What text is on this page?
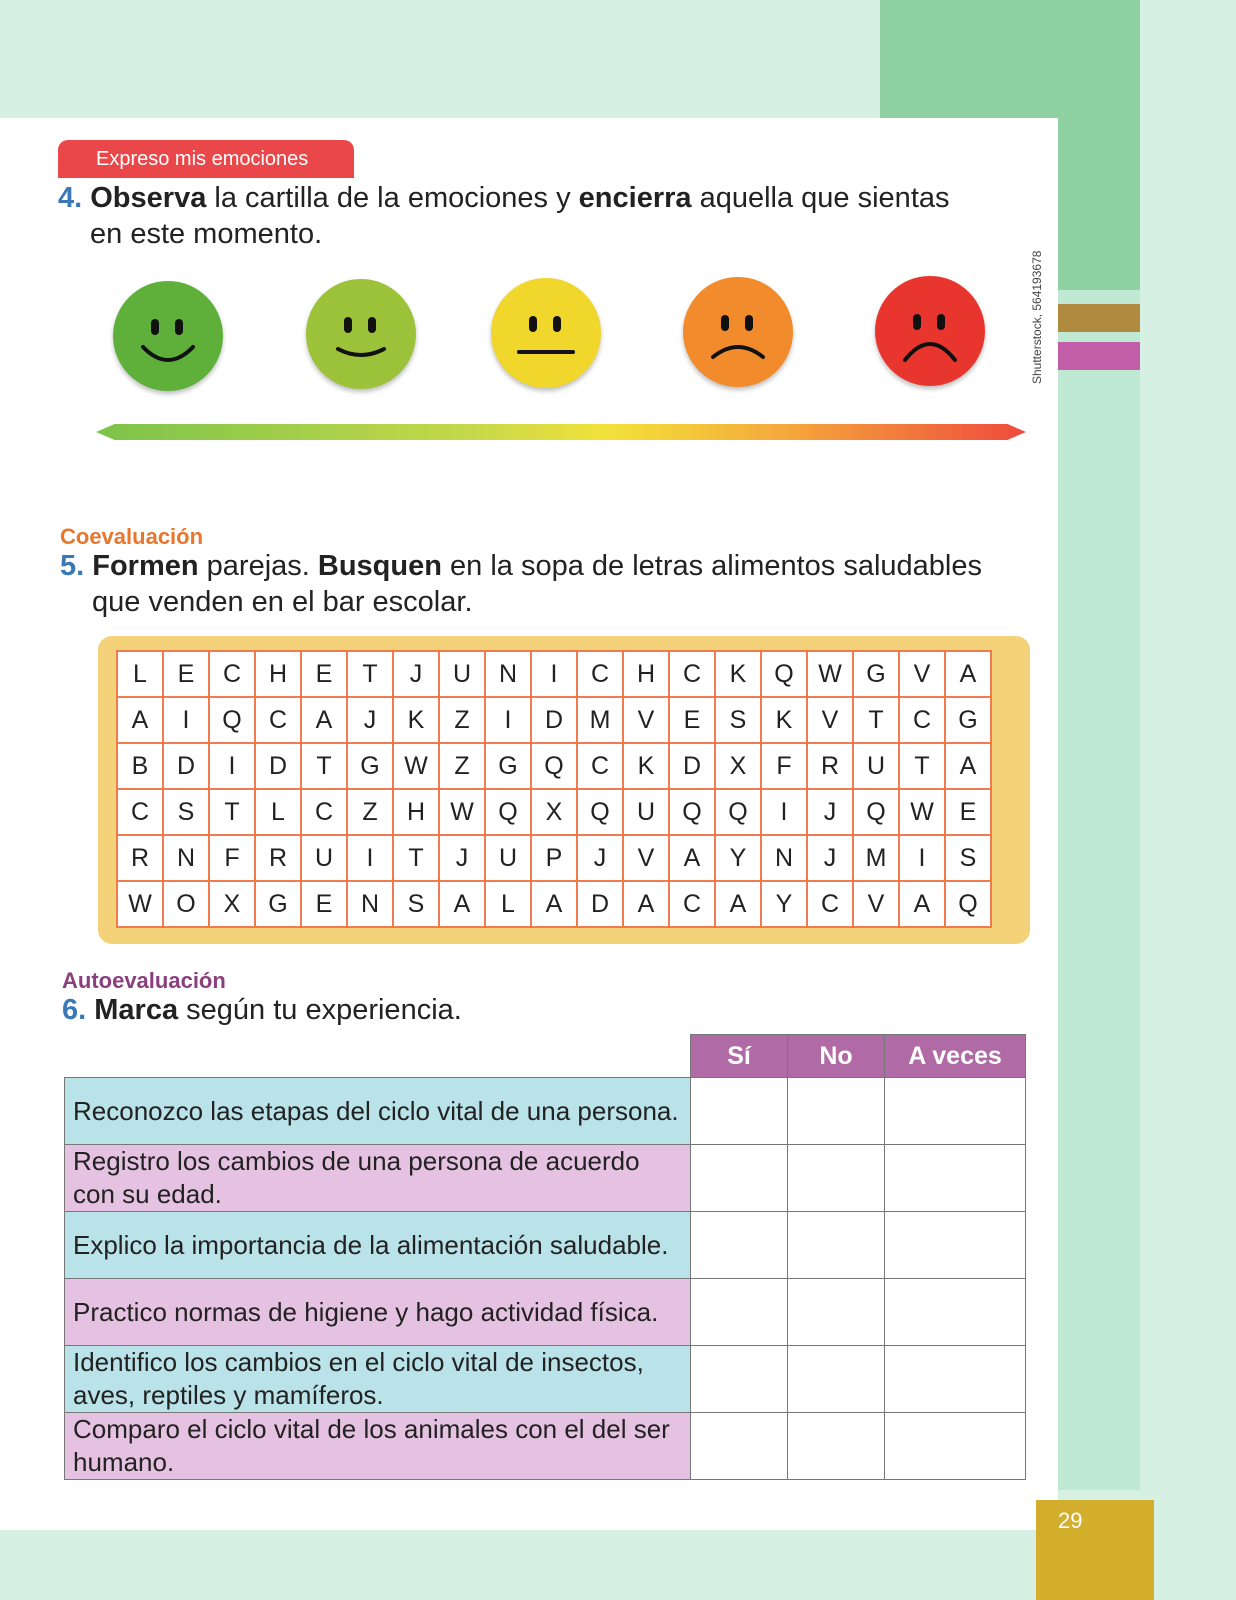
Shutterstock, 564193678
Expreso mis emociones
4. Observa la cartilla de la emociones y encierra aquella que sientas
en este momento.
Coevaluación
5. Formen parejas. Busquen en la sopa de letras alimentos saludables
que venden en el bar escolar.
L	E	C	H	E	T	J	U	N	I	C	H	C	K	Q	W	G	V	A
A	I	Q	C	A	J	K	Z	I	D	M	V	E	S	K	V	T	C	G
B	D	I	D	T	G	W	Z	G	Q	C	K	D	X	F	R	U	T	A
C	S	T	L	C	Z	H	W	Q	X	Q	U	Q	Q	I	J	Q	W	E
R	N	F	R	U	I	T	J	U	P	J	V	A	Y	N	J	M	I	S
W	O	X	G	E	N	S	A	L	A	D	A	C	A	Y	C	V	A	Q
Autoevaluación
6. Marca según tu experiencia.
	Sí	No	A veces
Reconozco las etapas del ciclo vital de una persona.			
Registro los cambios de una persona de acuerdo con su edad.			
Explico la importancia de la alimentación saludable.			
Practico normas de higiene y hago actividad física.			
Identifico los cambios en el ciclo vital de insectos, aves, reptiles y mamíferos.			
Comparo el ciclo vital de los animales con el del ser humano.			
29
